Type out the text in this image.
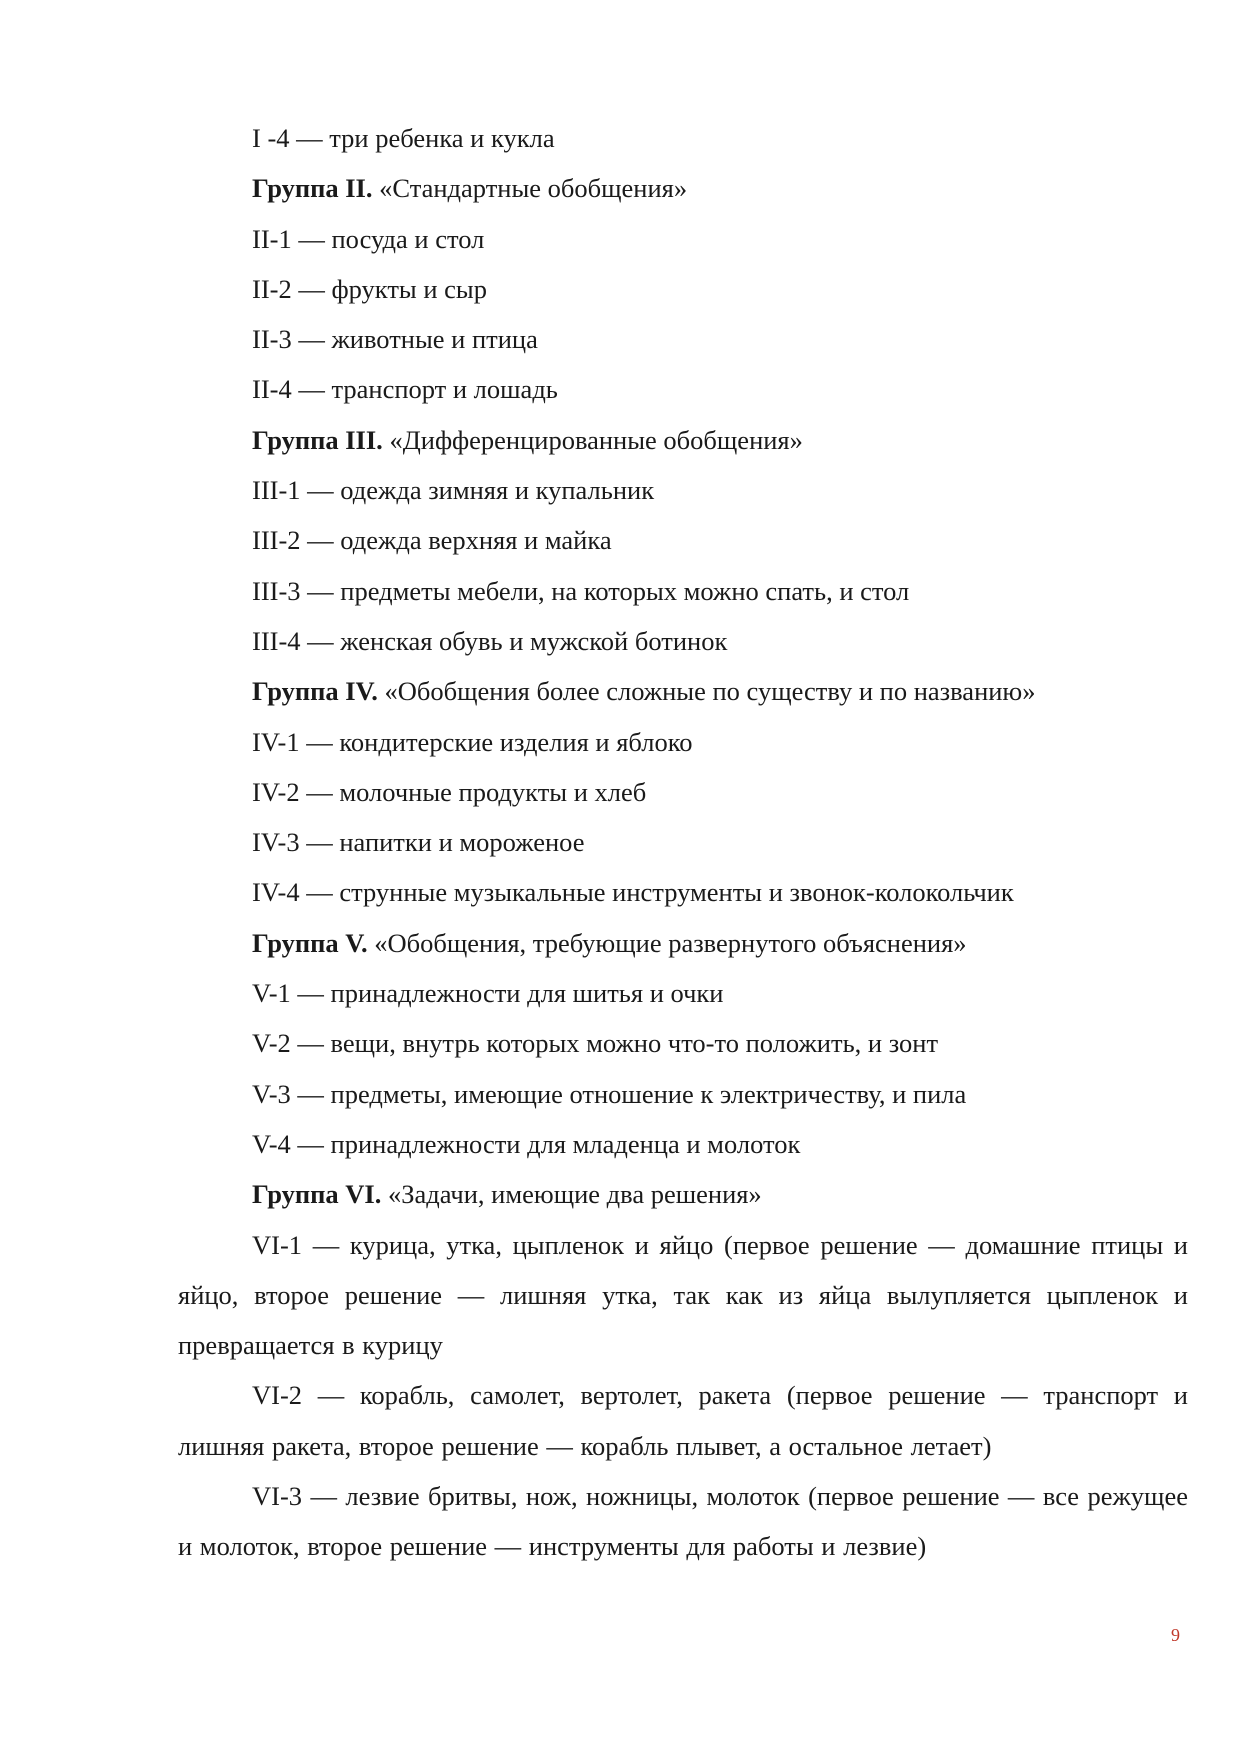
I -4 — три ребенка и кукла
Группа II. «Стандартные обобщения»
II-1 — посуда и стол
II-2 — фрукты и сыр
II-3 — животные и птица
II-4 — транспорт и лошадь
Группа III. «Дифференцированные обобщения»
III-1 — одежда зимняя и купальник
III-2 — одежда верхняя и майка
III-3 — предметы мебели, на которых можно спать, и стол
III-4 — женская обувь и мужской ботинок
Группа IV. «Обобщения более сложные по существу и по названию»
IV-1 — кондитерские изделия и яблоко
IV-2 — молочные продукты и хлеб
IV-3 — напитки и мороженое
IV-4 — струнные музыкальные инструменты и звонок-колокольчик
Группа V. «Обобщения, требующие развернутого объяснения»
V-1 — принадлежности для шитья и очки
V-2 — вещи, внутрь которых можно что-то положить, и зонт
V-3 — предметы, имеющие отношение к электричеству, и пила
V-4 — принадлежности для младенца и молоток
Группа VI. «Задачи, имеющие два решения»

VI-1 — курица, утка, цыпленок и яйцо (первое решение — домашние птицы и яйцо, второе решение — лишняя утка, так как из яйца вылупляется цыпленок и превращается в курицу

VI-2 — корабль, самолет, вертолет, ракета (первое решение — транспорт и лишняя ракета, второе решение — корабль плывет, а остальное летает)

VI-3 — лезвие бритвы, нож, ножницы, молоток (первое решение — все режущее и молоток, второе решение — инструменты для работы и лезвие)

9
